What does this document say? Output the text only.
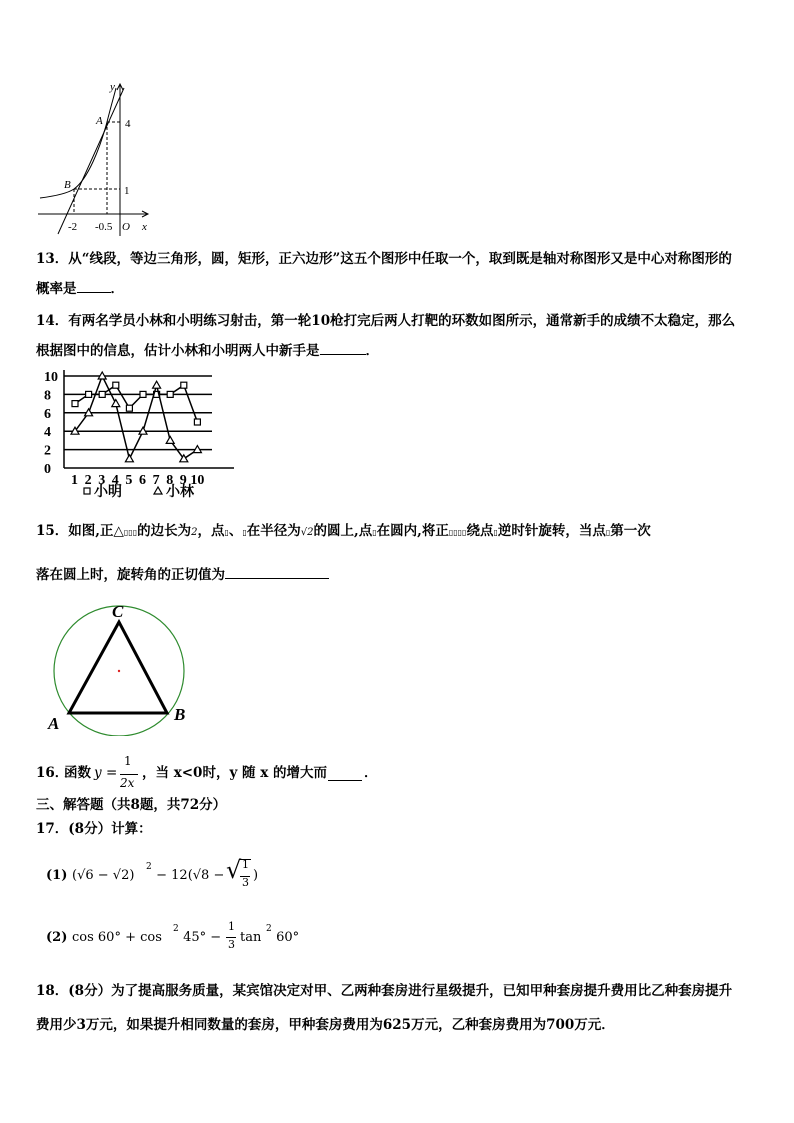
y
A
B
4
1
-2 -0.5 O x
13．从“线段，等边三角形，圆，矩形，正六边形”这五个图形中任取一个，取到既是轴对称图形又是中心对称图形的
概率是	．
14．有两名学员小林和小明练习射击，第一轮10枪打完后两人打靶的环数如图所示，通常新手的成绩不太稳定，那么
根据图中的信息，估计小林和小明两人中新手是	．
0
2
4
6
8
10
1 2 3 4 5 6 7 8 9 10
小明	小林
15．如图,正△▯▯▯的边长为2，点▯、▯在半径为√2的圆上,点▯在圆内,将正▯▯▯▯绕点▯逆时针旋转，当点▯第一次
落在圆上时，旋转角的正切值为
C
A	B
16．
函数 y =
1
2x
，当 x<0时，y 随 x 的增大而	．
三、解答题（共8题，共72分）
17．(8分）计算：
(1) (√6 − √2)
2
− 12(√8 −
√ 1
3 )
(2) cos 60° + cos
2
45° −
1
3 tan
2
60°
18．(8分）为了提高服务质量，某宾馆决定对甲、乙两种套房进行星级提升，已知甲种套房提升费用比乙种套房提升
费用少3万元，如果提升相同数量的套房，甲种套房费用为625万元，乙种套房费用为700万元．
